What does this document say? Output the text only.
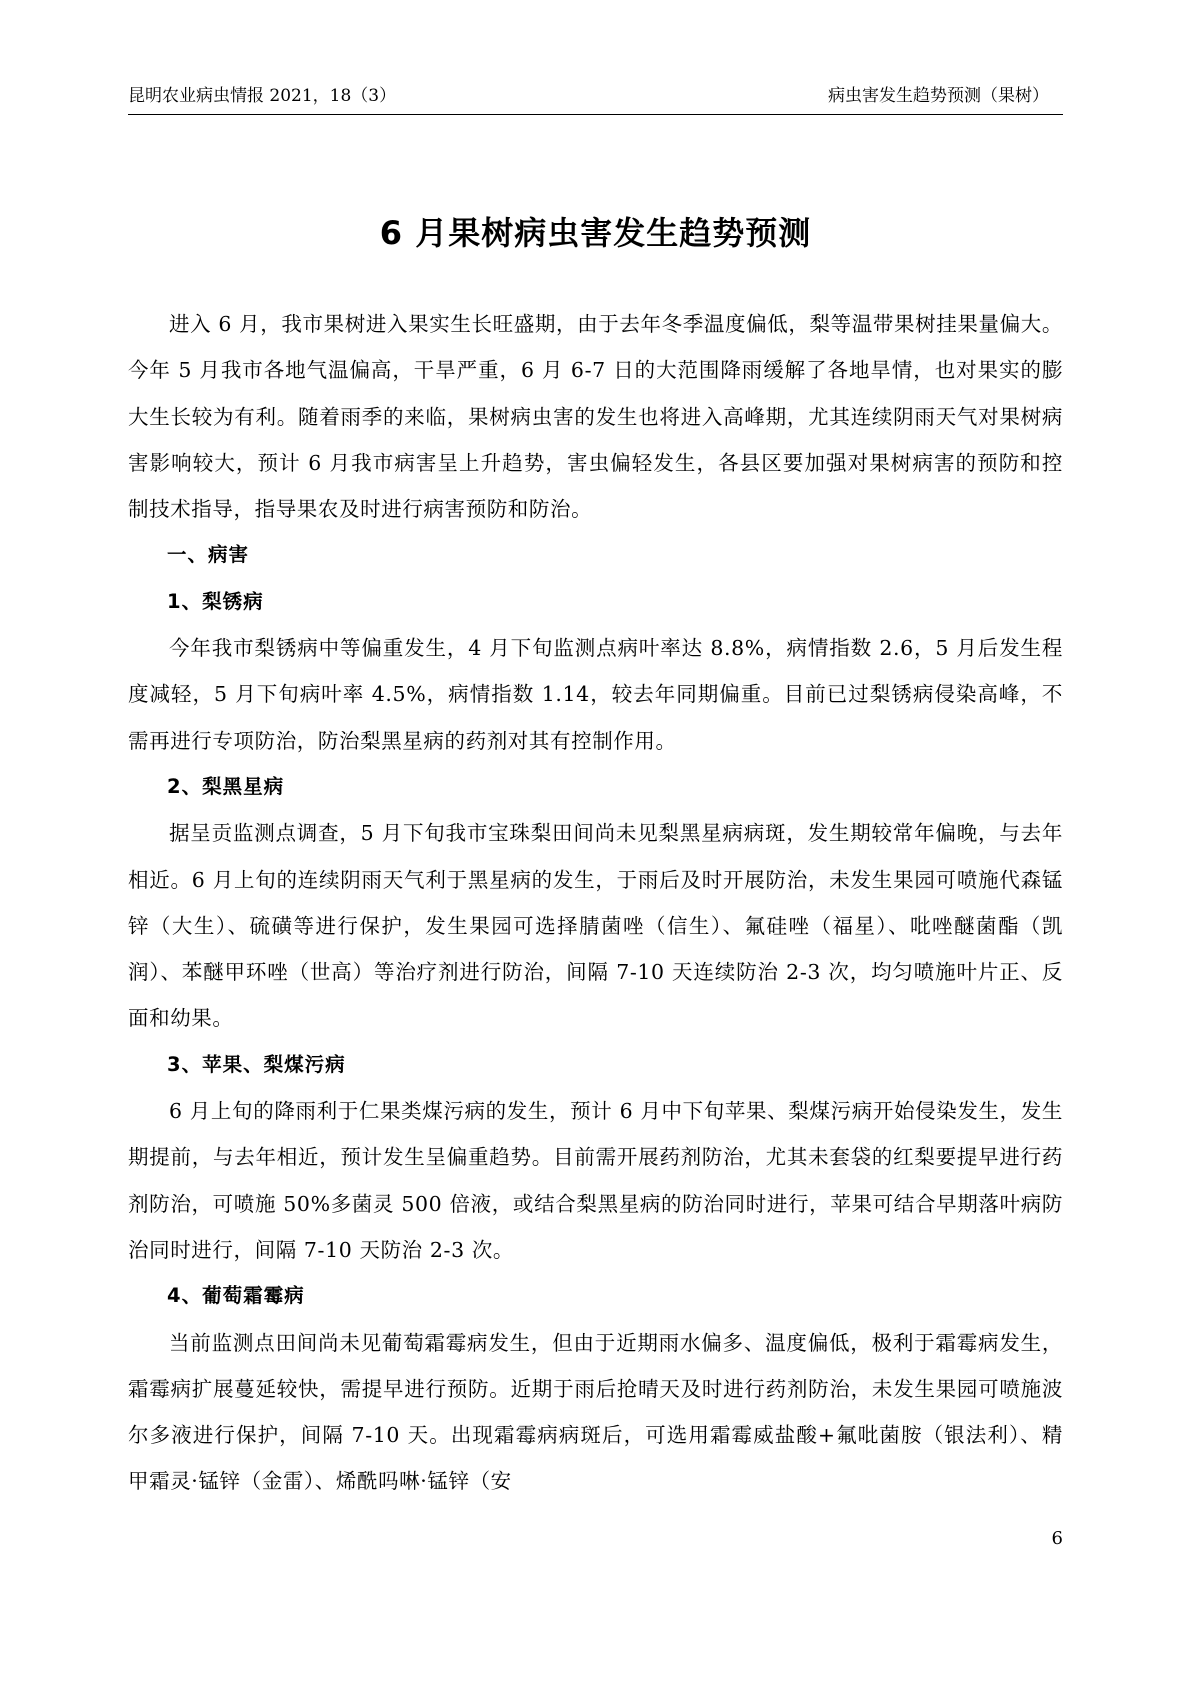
昆明农业病虫情报 2021，18（3）	病虫害发生趋势预测（果树）
6 月果树病虫害发生趋势预测

进入 6 月，我市果树进入果实生长旺盛期，由于去年冬季温度偏低，梨等温带果树挂果量偏大。今年 5 月我市各地气温偏高，干旱严重，6 月 6-7 日的大范围降雨缓解了各地旱情，也对果实的膨大生长较为有利。随着雨季的来临，果树病虫害的发生也将进入高峰期，尤其连续阴雨天气对果树病害影响较大，预计 6 月我市病害呈上升趋势，害虫偏轻发生，各县区要加强对果树病害的预防和控制技术指导，指导果农及时进行病害预防和防治。

一、病害

1、梨锈病

今年我市梨锈病中等偏重发生，4 月下旬监测点病叶率达 8.8%，病情指数 2.6，5 月后发生程度减轻，5 月下旬病叶率 4.5%，病情指数 1.14，较去年同期偏重。目前已过梨锈病侵染高峰，不需再进行专项防治，防治梨黑星病的药剂对其有控制作用。

2、梨黑星病

据呈贡监测点调查，5 月下旬我市宝珠梨田间尚未见梨黑星病病斑，发生期较常年偏晚，与去年相近。6 月上旬的连续阴雨天气利于黑星病的发生，于雨后及时开展防治，未发生果园可喷施代森锰锌（大生）、硫磺等进行保护，发生果园可选择腈菌唑（信生）、氟硅唑（福星）、吡唑醚菌酯（凯润）、苯醚甲环唑（世高）等治疗剂进行防治，间隔 7-10 天连续防治 2-3 次，均匀喷施叶片正、反面和幼果。

3、苹果、梨煤污病

6 月上旬的降雨利于仁果类煤污病的发生，预计 6 月中下旬苹果、梨煤污病开始侵染发生，发生期提前，与去年相近，预计发生呈偏重趋势。目前需开展药剂防治，尤其未套袋的红梨要提早进行药剂防治，可喷施 50%多菌灵 500 倍液，或结合梨黑星病的防治同时进行，苹果可结合早期落叶病防治同时进行，间隔 7-10 天防治 2-3 次。

4、葡萄霜霉病

当前监测点田间尚未见葡萄霜霉病发生，但由于近期雨水偏多、温度偏低，极利于霜霉病发生，霜霉病扩展蔓延较快，需提早进行预防。近期于雨后抢晴天及时进行药剂防治，未发生果园可喷施波尔多液进行保护，间隔 7-10 天。出现霜霉病病斑后，可选用霜霉威盐酸+氟吡菌胺（银法利）、精甲霜灵·锰锌（金雷）、烯酰吗啉·锰锌（安

6
